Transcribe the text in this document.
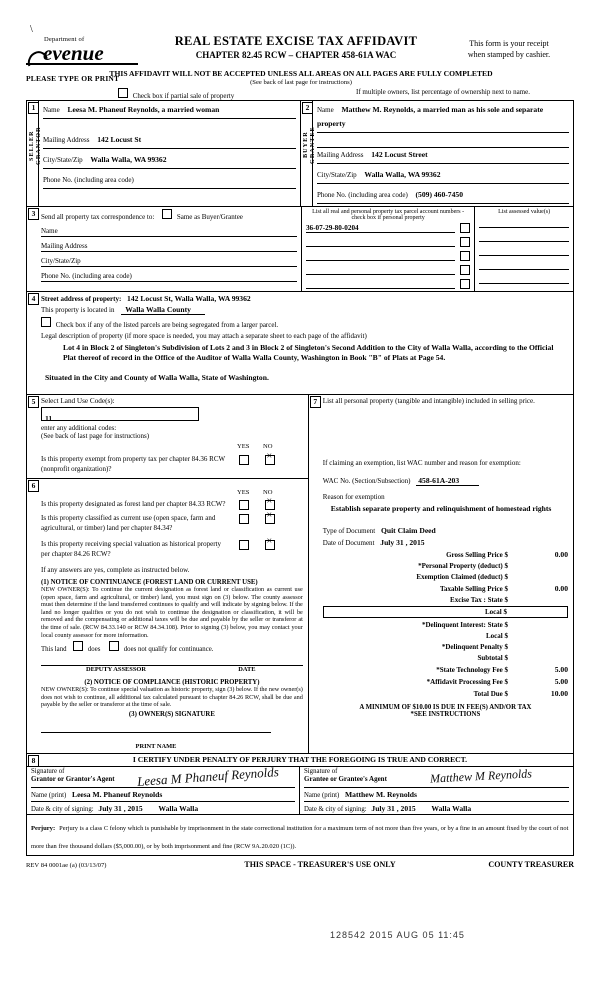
\
Department of
evenue
PLEASE TYPE OR PRINT
REAL ESTATE EXCISE TAX AFFIDAVIT
CHAPTER 82.45 RCW – CHAPTER 458-61A WAC
This form is your receipt
when stamped by cashier.
THIS AFFIDAVIT WILL NOT BE ACCEPTED UNLESS ALL AREAS ON ALL PAGES ARE FULLY COMPLETED
(See back of last page for instructions)
Check box if partial sale of property	If multiple owners, list percentage of ownership next to name.
1
SELLER GRANTOR
Name Leesa M. Phaneuf Reynolds, a married woman
Mailing Address 142 Locust St
City/State/Zip Walla Walla, WA 99362
Phone No. (including area code)
2
BUYER GRANTEE
Name Matthew M. Reynolds, a married man as his sole and separate property

Mailing Address 142 Locust Street
City/State/Zip Walla Walla, WA 99362
Phone No. (including area code) (509) 460-7450
3 Send all property tax correspondence to:	Same as Buyer/Grantee
Name
Mailing Address
City/State/Zip
Phone No. (including area code)
List all real and personal property tax parcel account numbers - check box if personal property
36-07-29-80-0204
List assessed value(s)
4 Street address of property: 142 Locust St, Walla Walla, WA 99362
This property is located in Walla Walla County
Check box if any of the listed parcels are being segregated from a larger parcel.
Legal description of property (if more space is needed, you may attach a separate sheet to each page of the affidavit)
Lot 4 in Block 2 of Singleton's Subdivision of Lots 2 and 3 in Block 2 of Singleton's Second Addition to the City of Walla Walla, according to the Official Plat thereof of record in the Office of the Auditor of Walla Walla County, Washington in Book "B" of Plats at Page 54.
Situated in the City and County of Walla Walla, State of Washington.
5 Select Land Use Code(s):
11
enter any additional codes:
(See back of last page for instructions)
YES NO
Is this property exempt from property tax per chapter 84.36 RCW (nonprofit organization)?
×
6
YES NO
Is this property designated as forest land per chapter 84.33 RCW?
×
Is this property classified as current use (open space, farm and agricultural, or timber) land per chapter 84.34?
×
Is this property receiving special valuation as historical property per chapter 84.26 RCW?
×
If any answers are yes, complete as instructed below.
(1) NOTICE OF CONTINUANCE (FOREST LAND OR CURRENT USE)
NEW OWNER(S): To continue the current designation as forest land or classification as current use (open space, farm and agricultural, or timber) land, you must sign on (3) below. The county assessor must then determine if the land transferred continues to qualify and will indicate by signing below. If the land no longer qualifies or you do not wish to continue the designation or classification, it will be removed and the compensating or additional taxes will be due and payable by the seller or transferor at the time of sale. (RCW 84.33.140 or RCW 84.34.108). Prior to signing (3) below, you may contact your local county assessor for more information.
This land	does	does not qualify for continuance.
DEPUTY ASSESSOR	DATE
(2) NOTICE OF COMPLIANCE (HISTORIC PROPERTY)
NEW OWNER(S): To continue special valuation as historic property, sign (3) below. If the new owner(s) does not wish to continue, all additional tax calculated pursuant to chapter 84.26 RCW, shall be due and payable by the seller or transferor at the time of sale.
(3) OWNER(S) SIGNATURE
PRINT NAME
7 List all personal property (tangible and intangible) included in selling price.
If claiming an exemption, list WAC number and reason for exemption:
WAC No. (Section/Subsection) 458-61A-203
Reason for exemption
Establish separate property and relinquishment of homestead rights
Type of Document Quit Claim Deed
Date of Document July 31 , 2015
Gross Selling Price $	0.00
*Personal Property (deduct) $
Exemption Claimed (deduct) $
Taxable Selling Price $	0.00
Excise Tax : State $
Local $
*Delinquent Interest: State $
Local $
*Delinquent Penalty $
Subtotal $
*State Technology Fee $	5.00
*Affidavit Processing Fee $	5.00
Total Due $	10.00
A MINIMUM OF $10.00 IS DUE IN FEE(S) AND/OR TAX
*SEE INSTRUCTIONS
8	I CERTIFY UNDER PENALTY OF PERJURY THAT THE FOREGOING IS TRUE AND CORRECT.
Signature of
Grantor or Grantor's Agent	Leesa M Phaneuf Reynolds
Name (print) Leesa M. Phaneuf Reynolds
Date & city of signing: July 31 , 2015 Walla Walla
Signature of
Grantee or Grantee's Agent	Matthew M Reynolds
Name (print) Matthew M. Reynolds
Date & city of signing: July 31 , 2015 Walla Walla
Perjury: Perjury is a class C felony which is punishable by imprisonment in the state correctional institution for a maximum term of not more than five years, or by a fine in an amount fixed by the court of not more than five thousand dollars ($5,000.00), or by both imprisonment and fine (RCW 9A.20.020 (1C)).
REV 84 0001ae (a) (03/13/07)	THIS SPACE - TREASURER'S USE ONLY	COUNTY TREASURER
128542 2015 AUG 05 11:45
